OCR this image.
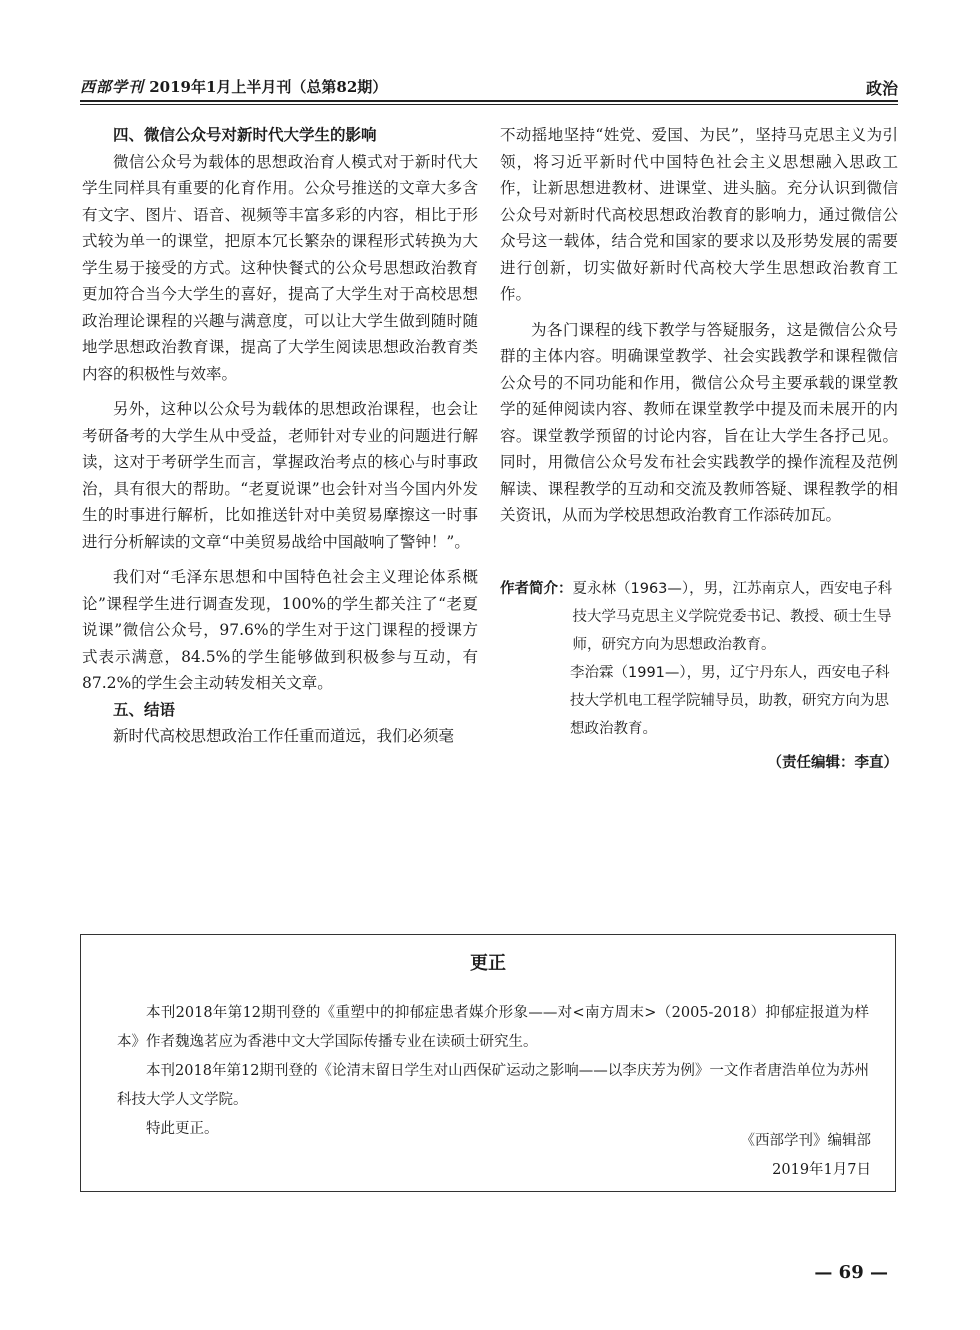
西部学刊 2019年1月上半月刊（总第82期）	政治
四、微信公众号对新时代大学生的影响

微信公众号为载体的思想政治育人模式对于新时代大学生同样具有重要的化育作用。公众号推送的文章大多含有文字、图片、语音、视频等丰富多彩的内容，相比于形式较为单一的课堂，把原本冗长繁杂的课程形式转换为大学生易于接受的方式。这种快餐式的公众号思想政治教育更加符合当今大学生的喜好，提高了大学生对于高校思想政治理论课程的兴趣与满意度，可以让大学生做到随时随地学思想政治教育课，提高了大学生阅读思想政治教育类内容的积极性与效率。

另外，这种以公众号为载体的思想政治课程，也会让考研备考的大学生从中受益，老师针对专业的问题进行解读，这对于考研学生而言，掌握政治考点的核心与时事政治，具有很大的帮助。“老夏说课”也会针对当今国内外发生的时事进行解析，比如推送针对中美贸易摩擦这一时事进行分析解读的文章“中美贸易战给中国敲响了警钟！”。

我们对“毛泽东思想和中国特色社会主义理论体系概论”课程学生进行调查发现，100%的学生都关注了“老夏说课”微信公众号，97.6%的学生对于这门课程的授课方式表示满意，84.5%的学生能够做到积极参与互动，有87.2%的学生会主动转发相关文章。

五、结语

新时代高校思想政治工作任重而道远，我们必须毫

不动摇地坚持“姓党、爱国、为民”，坚持马克思主义为引领，将习近平新时代中国特色社会主义思想融入思政工作，让新思想进教材、进课堂、进头脑。充分认识到微信公众号对新时代高校思想政治教育的影响力，通过微信公众号这一载体，结合党和国家的要求以及形势发展的需要进行创新，切实做好新时代高校大学生思想政治教育工作。

为各门课程的线下教学与答疑服务，这是微信公众号群的主体内容。明确课堂教学、社会实践教学和课程微信公众号的不同功能和作用，微信公众号主要承载的课堂教学的延伸阅读内容、教师在课堂教学中提及而未展开的内容。课堂教学预留的讨论内容，旨在让大学生各抒己见。同时，用微信公众号发布社会实践教学的操作流程及范例解读、课程教学的互动和交流及教师答疑、课程教学的相关资讯，从而为学校思想政治教育工作添砖加瓦。

作者简介： 夏永林（1963—），男，江苏南京人，西安电子科技大学马克思主义学院党委书记、教授、硕士生导师，研究方向为思想政治教育。
李治霖（1991—），男，辽宁丹东人，西安电子科技大学机电工程学院辅导员，助教，研究方向为思想政治教育。
（责任编辑：李直）
更正

本刊2018年第12期刊登的《重塑中的抑郁症患者媒介形象——对<南方周末>（2005-2018）抑郁症报道为样本》作者魏逸茗应为香港中文大学国际传播专业在读硕士研究生。

本刊2018年第12期刊登的《论清末留日学生对山西保矿运动之影响——以李庆芳为例》一文作者唐浩单位为苏州科技大学人文学院。

特此更正。

《西部学刊》编辑部
2019年1月7日
— 69 —
